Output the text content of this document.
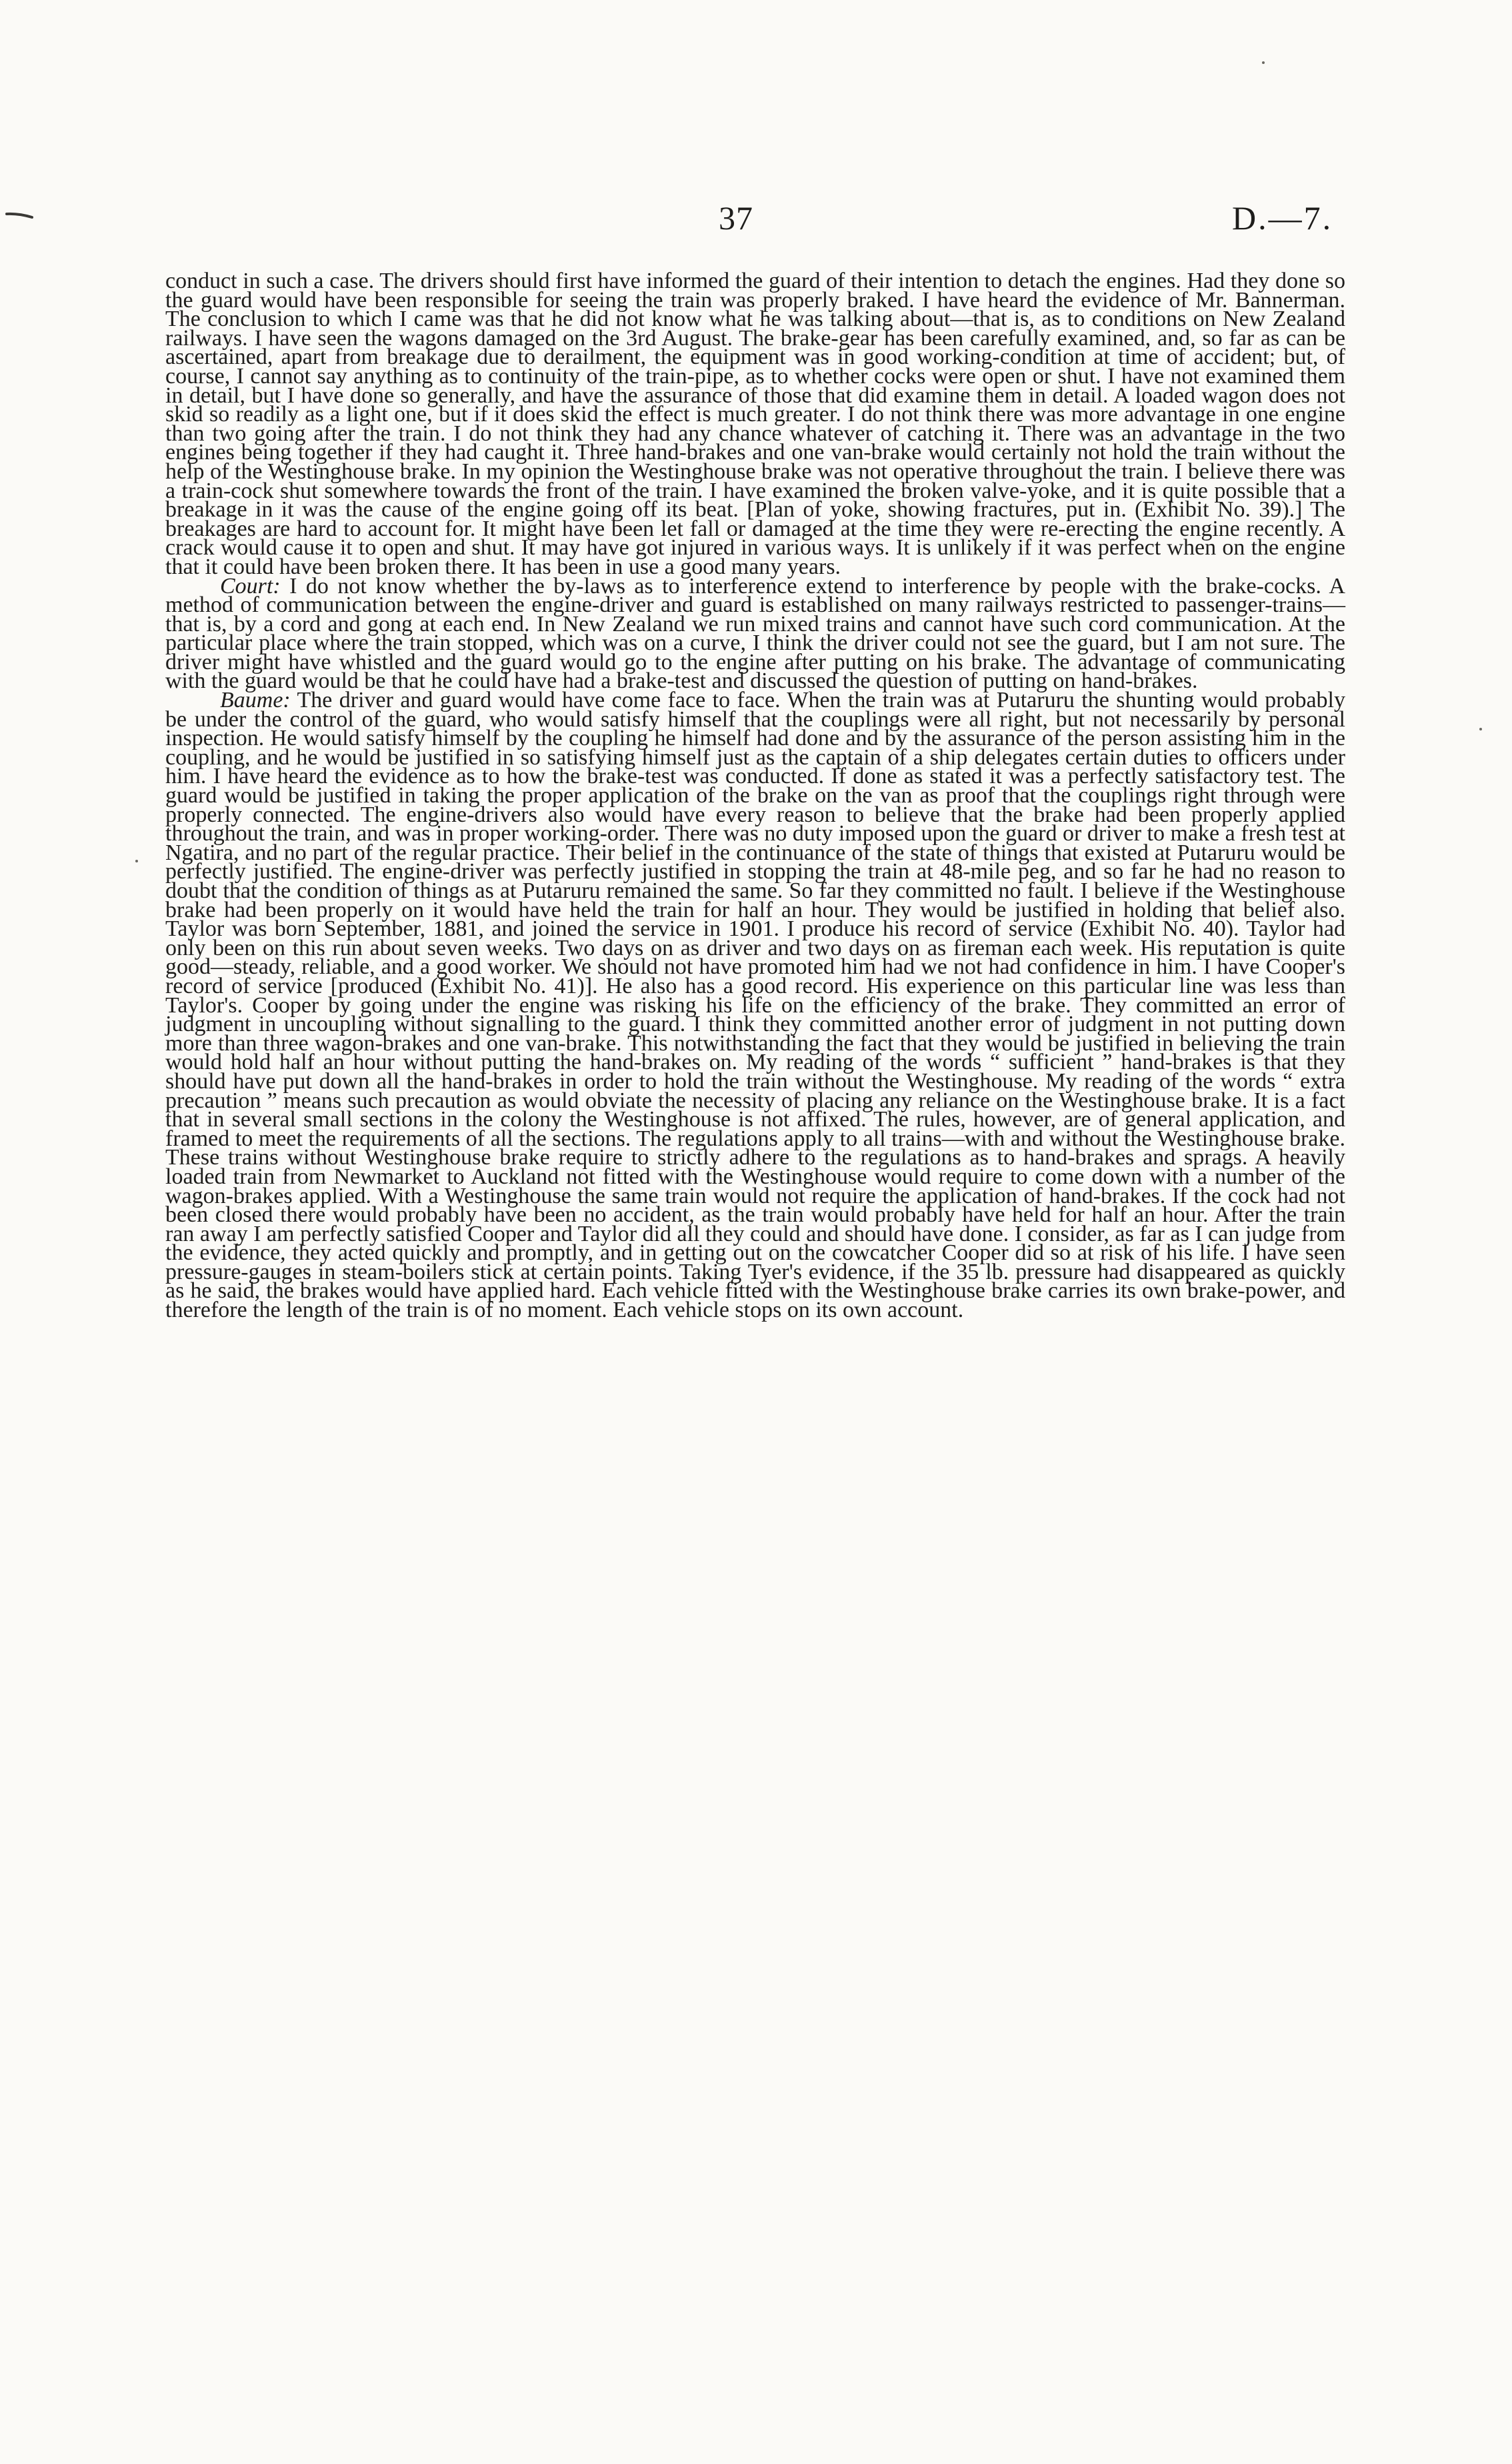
37	D.—7.

conduct in such a case. The drivers should first have informed the guard of their intention to detach the engines. Had they done so the guard would have been responsible for seeing the train was properly braked. I have heard the evidence of Mr. Bannerman. The conclusion to which I came was that he did not know what he was talking about—that is, as to conditions on New Zealand railways. I have seen the wagons damaged on the 3rd August. The brake-gear has been carefully examined, and, so far as can be ascertained, apart from breakage due to derailment, the equipment was in good working-condition at time of accident; but, of course, I cannot say anything as to continuity of the train-pipe, as to whether cocks were open or shut. I have not examined them in detail, but I have done so generally, and have the assurance of those that did examine them in detail. A loaded wagon does not skid so readily as a light one, but if it does skid the effect is much greater. I do not think there was more advantage in one engine than two going after the train. I do not think they had any chance whatever of catching it. There was an advantage in the two engines being together if they had caught it. Three hand-brakes and one van-brake would certainly not hold the train without the help of the Westinghouse brake. In my opinion the Westinghouse brake was not operative throughout the train. I believe there was a train-cock shut somewhere towards the front of the train. I have examined the broken valve-yoke, and it is quite possible that a breakage in it was the cause of the engine going off its beat. [Plan of yoke, showing fractures, put in. (Exhibit No. 39).] The breakages are hard to account for. It might have been let fall or damaged at the time they were re-erecting the engine recently. A crack would cause it to open and shut. It may have got injured in various ways. It is unlikely if it was perfect when on the engine that it could have been broken there. It has been in use a good many years.

Court: I do not know whether the by-laws as to interference extend to interference by people with the brake-cocks. A method of communication between the engine-driver and guard is established on many railways restricted to passenger-trains—that is, by a cord and gong at each end. In New Zealand we run mixed trains and cannot have such cord communication. At the particular place where the train stopped, which was on a curve, I think the driver could not see the guard, but I am not sure. The driver might have whistled and the guard would go to the engine after putting on his brake. The advantage of communicating with the guard would be that he could have had a brake-test and discussed the question of putting on hand-brakes.

Baume: The driver and guard would have come face to face. When the train was at Putaruru the shunting would probably be under the control of the guard, who would satisfy himself that the couplings were all right, but not necessarily by personal inspection. He would satisfy himself by the coupling he himself had done and by the assurance of the person assisting him in the coupling, and he would be justified in so satisfying himself just as the captain of a ship delegates certain duties to officers under him. I have heard the evidence as to how the brake-test was conducted. If done as stated it was a perfectly satisfactory test. The guard would be justified in taking the proper application of the brake on the van as proof that the couplings right through were properly connected. The engine-drivers also would have every reason to believe that the brake had been properly applied throughout the train, and was in proper working-order. There was no duty imposed upon the guard or driver to make a fresh test at Ngatira, and no part of the regular practice. Their belief in the continuance of the state of things that existed at Putaruru would be perfectly justified. The engine-driver was perfectly justified in stopping the train at 48-mile peg, and so far he had no reason to doubt that the condition of things as at Putaruru remained the same. So far they committed no fault. I believe if the Westinghouse brake had been properly on it would have held the train for half an hour. They would be justified in holding that belief also. Taylor was born September, 1881, and joined the service in 1901. I produce his record of service (Exhibit No. 40). Taylor had only been on this run about seven weeks. Two days on as driver and two days on as fireman each week. His reputation is quite good—steady, reliable, and a good worker. We should not have promoted him had we not had confidence in him. I have Cooper's record of service [produced (Exhibit No. 41)]. He also has a good record. His experience on this particular line was less than Taylor's. Cooper by going under the engine was risking his life on the efficiency of the brake. They committed an error of judgment in uncoupling without signalling to the guard. I think they committed another error of judgment in not putting down more than three wagon-brakes and one van-brake. This notwithstanding the fact that they would be justified in believing the train would hold half an hour without putting the hand-brakes on. My reading of the words “ sufficient ” hand-brakes is that they should have put down all the hand-brakes in order to hold the train without the Westinghouse. My reading of the words “ extra precaution ” means such precaution as would obviate the necessity of placing any reliance on the Westinghouse brake. It is a fact that in several small sections in the colony the Westinghouse is not affixed. The rules, however, are of general application, and framed to meet the requirements of all the sections. The regulations apply to all trains—with and without the Westinghouse brake. These trains without Westinghouse brake require to strictly adhere to the regulations as to hand-brakes and sprags. A heavily loaded train from Newmarket to Auckland not fitted with the Westinghouse would require to come down with a number of the wagon-brakes applied. With a Westinghouse the same train would not require the application of hand-brakes. If the cock had not been closed there would probably have been no accident, as the train would probably have held for half an hour. After the train ran away I am perfectly satisfied Cooper and Taylor did all they could and should have done. I consider, as far as I can judge from the evidence, they acted quickly and promptly, and in getting out on the cowcatcher Cooper did so at risk of his life. I have seen pressure-gauges in steam-boilers stick at certain points. Taking Tyer's evidence, if the 35 lb. pressure had disappeared as quickly as he said, the brakes would have applied hard. Each vehicle fitted with the Westinghouse brake carries its own brake-power, and therefore the length of the train is of no moment. Each vehicle stops on its own account.
